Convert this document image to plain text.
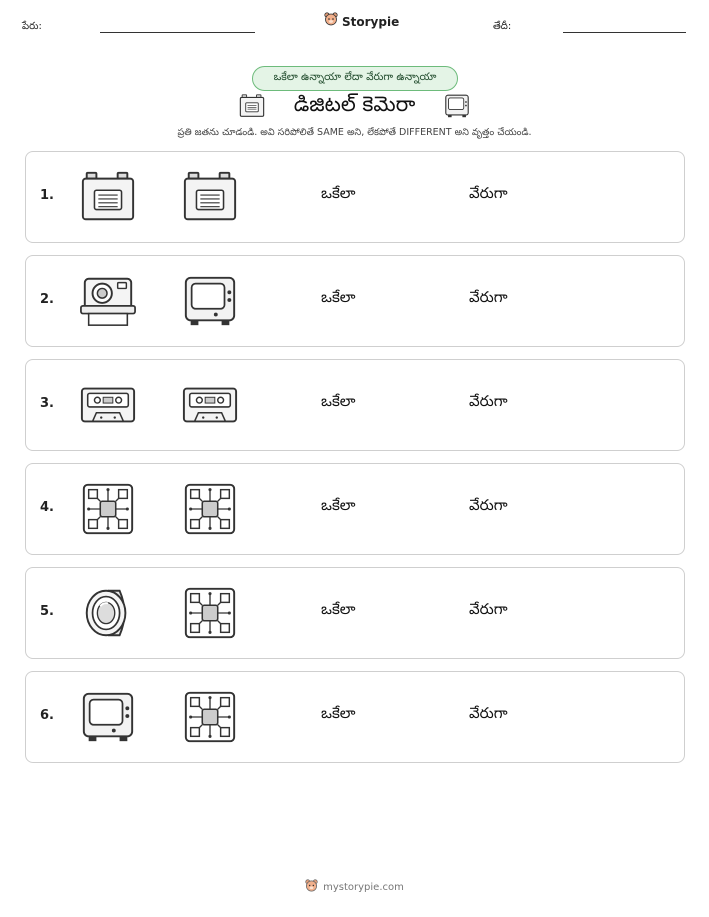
పేరు:	Storypie	తేదీ:
ఒకేలా ఉన్నాయా లేదా వేరుగా ఉన్నాయా
డిజిటల్ కెమెరా
ప్రతి జతను చూడండి. అవి సరిపోలితే SAME అని, లేకపోతే DIFFERENT అని వృత్తం చేయండి.
1.	ఒకేలా	వేరుగా
2.	ఒకేలా	వేరుగా
3.	ఒకేలా	వేరుగా
4.	ఒకేలా	వేరుగా
5.	ఒకేలా	వేరుగా
6.	ఒకేలా	వేరుగా
mystorypie.com
